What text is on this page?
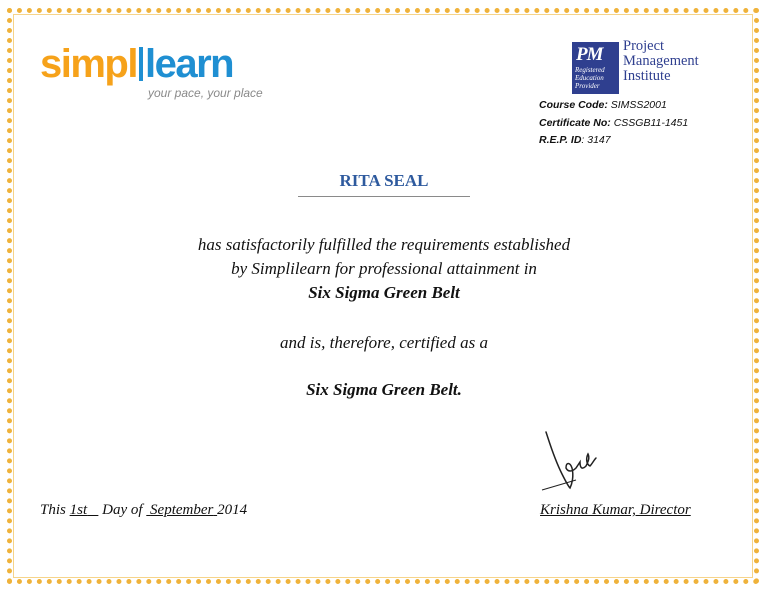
simpl learn
your pace, your place
PM
Registered
Education
Provider
Project
Management
Institute
Course Code: SIMSS2001
Certificate No: CSSGB11-1451
R.E.P. ID: 3147
RITA SEAL
has satisfactorily fulfilled the requirements established
by Simplilearn for professional attainment in
Six Sigma Green Belt
and is, therefore, certified as a
Six Sigma Green Belt.
This 1st Day of  September 2014	Krishna Kumar, Director
